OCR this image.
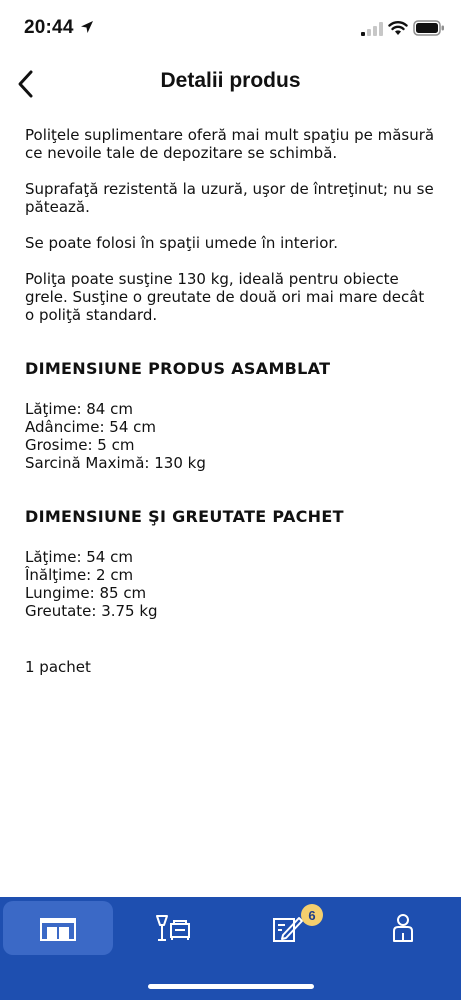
20:44
Detalii produs

Poliţele suplimentare oferă mai mult spaţiu pe măsură ce nevoile tale de depozitare se schimbă.

Suprafaţă rezistentă la uzură, uşor de întreţinut; nu se pătează.

Se poate folosi în spaţii umede în interior.

Poliţa poate susţine 130 kg, ideală pentru obiecte grele. Susţine o greutate de două ori mai mare decât o poliţă standard.

DIMENSIUNE PRODUS ASAMBLAT
Lăţime: 84 cm
Adâncime: 54 cm
Grosime: 5 cm
Sarcină Maximă: 130 kg
DIMENSIUNE ŞI GREUTATE PACHET
Lăţime: 54 cm
Înălţime: 2 cm
Lungime: 85 cm
Greutate: 3.75 kg

1 pachet

6
